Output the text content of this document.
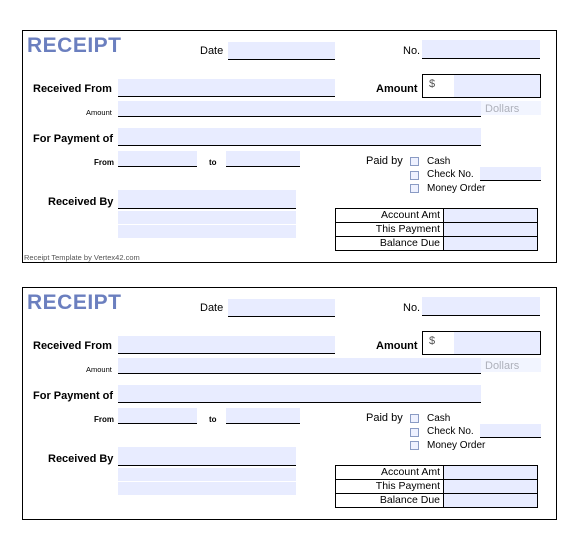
RECEIPT	Date	No.
Received From	Amount $
Amount
For Payment of
From	to	Paid by Cash
Check No.
Money Order
Received By
Account Amt	
This Payment	
Balance Due	
Receipt Template by Vertex42.com
RECEIPT	Date	No.
Received From	Amount $
Amount
For Payment of
From	to	Paid by Cash
Check No.
Money Order
Received By
Account Amt	
This Payment	
Balance Due	
